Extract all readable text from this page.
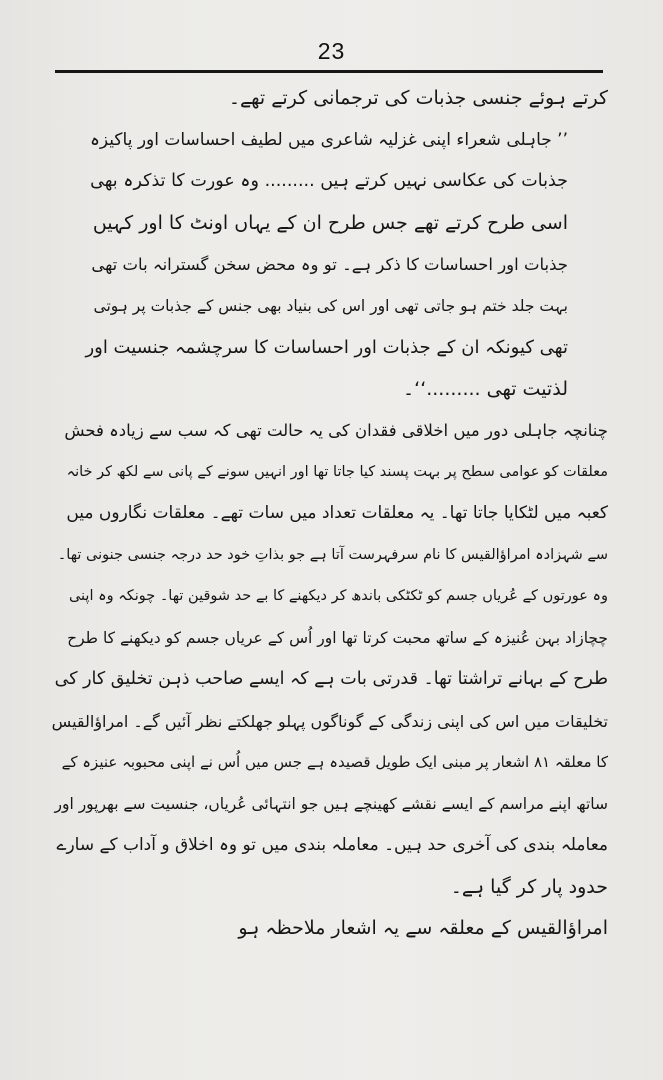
23
کرتے ہوئے جنسی جذبات کی ترجمانی کرتے تھے۔
’’ جاہلی شعراء اپنی غزلیہ شاعری میں لطیف احساسات اور پاکیزہ
جذبات کی عکاسی نہیں کرتے ہیں ......... وہ عورت کا تذکرہ بھی
اسی طرح کرتے تھے جس طرح ان کے یہاں اونٹ کا اور کہیں
جذبات اور احساسات کا ذکر ہے۔ تو وہ محض سخن گسترانہ بات تھی
بہت جلد ختم ہو جاتی تھی اور اس کی بنیاد بھی جنس کے جذبات پر ہوتی
تھی کیونکہ ان کے جذبات اور احساسات کا سرچشمہ جنسیت اور
لذتیت تھی .........‘‘۔
چنانچہ جاہلی دور میں اخلاقی فقدان کی یہ حالت تھی کہ سب سے زیادہ فحش
معلقات کو عوامی سطح پر بہت پسند کیا جاتا تھا اور انہیں سونے کے پانی سے لکھ کر خانہ
کعبہ میں لٹکایا جاتا تھا۔ یہ معلقات تعداد میں سات تھے۔ معلقات نگاروں میں
سے شہزادہ امراؤالقیس کا نام سرفہرست آتا ہے جو بذاتِ خود حد درجہ جنسی جنونی تھا۔
وہ عورتوں کے عُریاں جسم کو ٹکٹکی باندھ کر دیکھنے کا بے حد شوقین تھا۔ چونکہ وہ اپنی
چچازاد بہن عُنیزہ کے ساتھ محبت کرتا تھا اور اُس کے عریاں جسم کو دیکھنے کا طرح
طرح کے بہانے تراشتا تھا۔ قدرتی بات ہے کہ ایسے صاحب ذہن تخلیق کار کی
تخلیقات میں اس کی اپنی زندگی کے گوناگوں پہلو جھلکتے نظر آئیں گے۔ امراؤالقیس
کا معلقہ ۸۱ اشعار پر مبنی ایک طویل قصیدہ ہے جس میں اُس نے اپنی محبوبہ عنیزہ کے
ساتھ اپنے مراسم کے ایسے نقشے کھینچے ہیں جو انتہائی عُریاں، جنسیت سے بھرپور اور
معاملہ بندی کی آخری حد ہیں۔ معاملہ بندی میں تو وہ اخلاق و آداب کے سارے
حدود پار کر گیا ہے۔
امراؤالقیس کے معلقہ سے یہ اشعار ملاحظہ ہو
